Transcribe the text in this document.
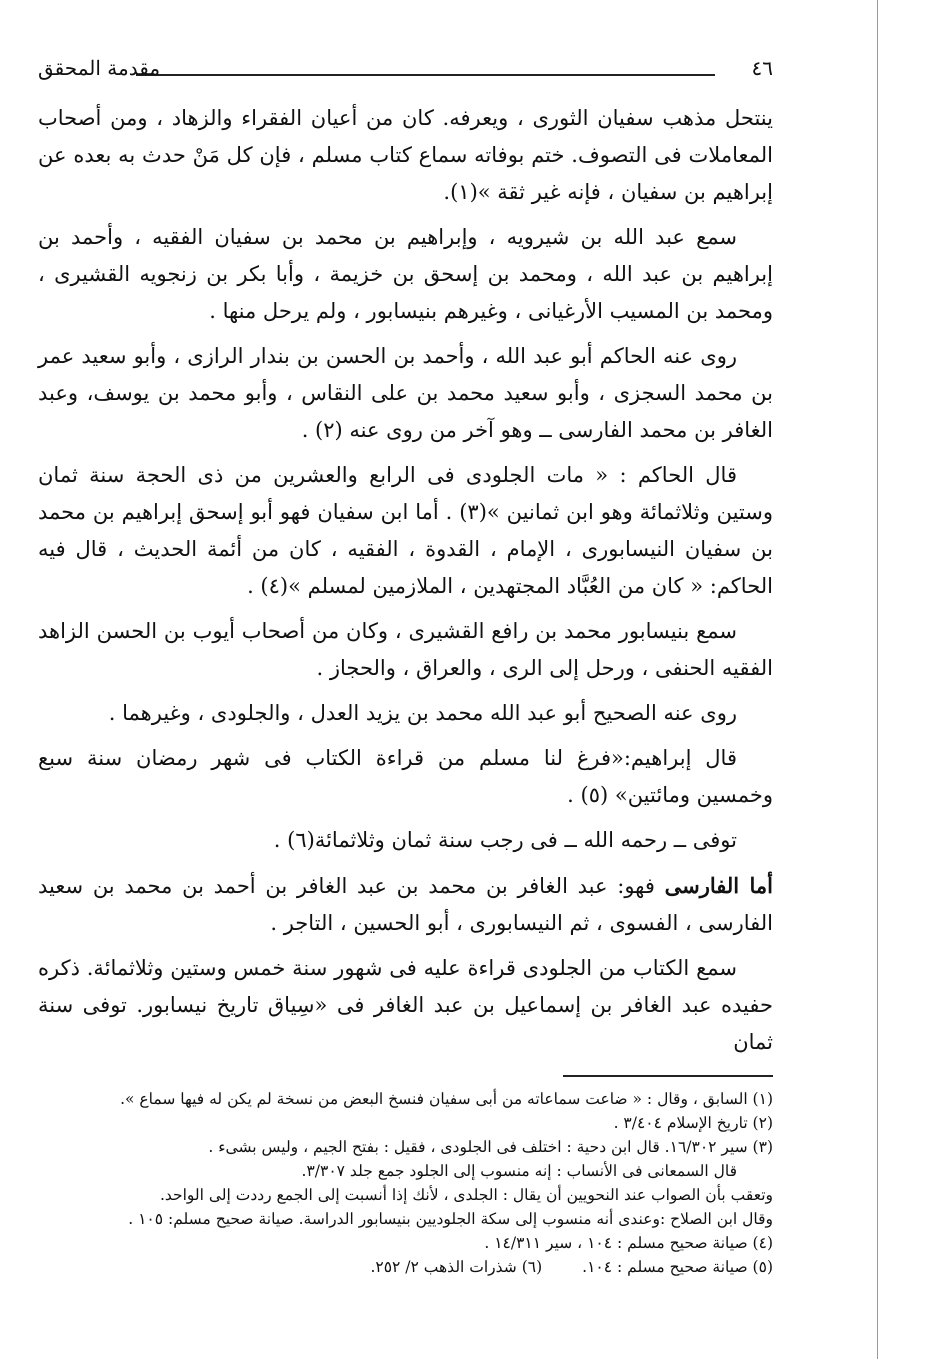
٤٦
مقدمة المحقق

ينتحل مذهب سفيان الثورى ، ويعرفه. كان من أعيان الفقراء والزهاد ، ومن أصحاب المعاملات فى التصوف. ختم بوفاته سماع كتاب مسلم ، فإن كل مَنْ حدث به بعده عن إبراهيم بن سفيان ، فإنه غير ثقة »(١).

سمع عبد الله بن شيرويه ، وإبراهيم بن محمد بن سفيان الفقيه ، وأحمد بن إبراهيم بن عبد الله ، ومحمد بن إسحق بن خزيمة ، وأبا بكر بن زنجويه القشيرى ، ومحمد بن المسيب الأرغيانى ، وغيرهم بنيسابور ، ولم يرحل منها .

روى عنه الحاكم أبو عبد الله ، وأحمد بن الحسن بن بندار الرازى ، وأبو سعيد عمر بن محمد السجزى ، وأبو سعيد محمد بن على النقاس ، وأبو محمد بن يوسف، وعبد الغافر بن محمد الفارسى ــ وهو آخر من روى عنه (٢) .

قال الحاكم : « مات الجلودى فى الرابع والعشرين من ذى الحجة سنة ثمان وستين وثلاثمائة وهو ابن ثمانين »(٣) . أما ابن سفيان فهو أبو إسحق إبراهيم بن محمد بن سفيان النيسابورى ، الإمام ، القدوة ، الفقيه ، كان من أئمة الحديث ، قال فيه الحاكم: « كان من العُبَّاد المجتهدين ، الملازمين لمسلم »(٤) .

سمع بنيسابور محمد بن رافع القشيرى ، وكان من أصحاب أيوب بن الحسن الزاهد الفقيه الحنفى ، ورحل إلى الرى ، والعراق ، والحجاز .

روى عنه الصحيح أبو عبد الله محمد بن يزيد العدل ، والجلودى ، وغيرهما .

قال إبراهيم:«فرغ لنا مسلم من قراءة الكتاب فى شهر رمضان سنة سبع وخمسين ومائتين» (٥) .

توفى ــ رحمه الله ــ فى رجب سنة ثمان وثلاثمائة(٦) .

أما الفارسى فهو: عبد الغافر بن محمد بن عبد الغافر بن أحمد بن محمد بن سعيد الفارسى ، الفسوى ، ثم النيسابورى ، أبو الحسين ، التاجر .

سمع الكتاب من الجلودى قراءة عليه فى شهور سنة خمس وستين وثلاثمائة. ذكره حفيده عبد الغافر بن إسماعيل بن عبد الغافر فى «سِياق تاريخ نيسابور. توفى سنة ثمان

(١) السابق ، وقال : « ضاعت سماعاته من أبى سفيان فنسخ البعض من نسخة لم يكن له فيها سماع ».

(٢) تاريخ الإسلام ٣/٤٠٤ .

(٣) سير ١٦/٣٠٢. قال ابن دحية : اختلف فى الجلودى ، فقيل : بفتح الجيم ، وليس بشىء .

قال السمعانى فى الأنساب : إنه منسوب إلى الجلود جمع جلد ٣/٣٠٧.

وتعقب بأن الصواب عند النحويين أن يقال : الجلدى ، لأنك إذا أنسبت إلى الجمع رددت إلى الواحد.

وقال ابن الصلاح :وعندى أنه منسوب إلى سكة الجلوديين بنيسابور الدراسة. صيانة صحيح مسلم: ١٠٥ .

(٤) صيانة صحيح مسلم : ١٠٤ ، سير ١٤/٣١١ .

(٥) صيانة صحيح مسلم : ١٠٤.
(٦) شذرات الذهب ٢/ ٢٥٢.
